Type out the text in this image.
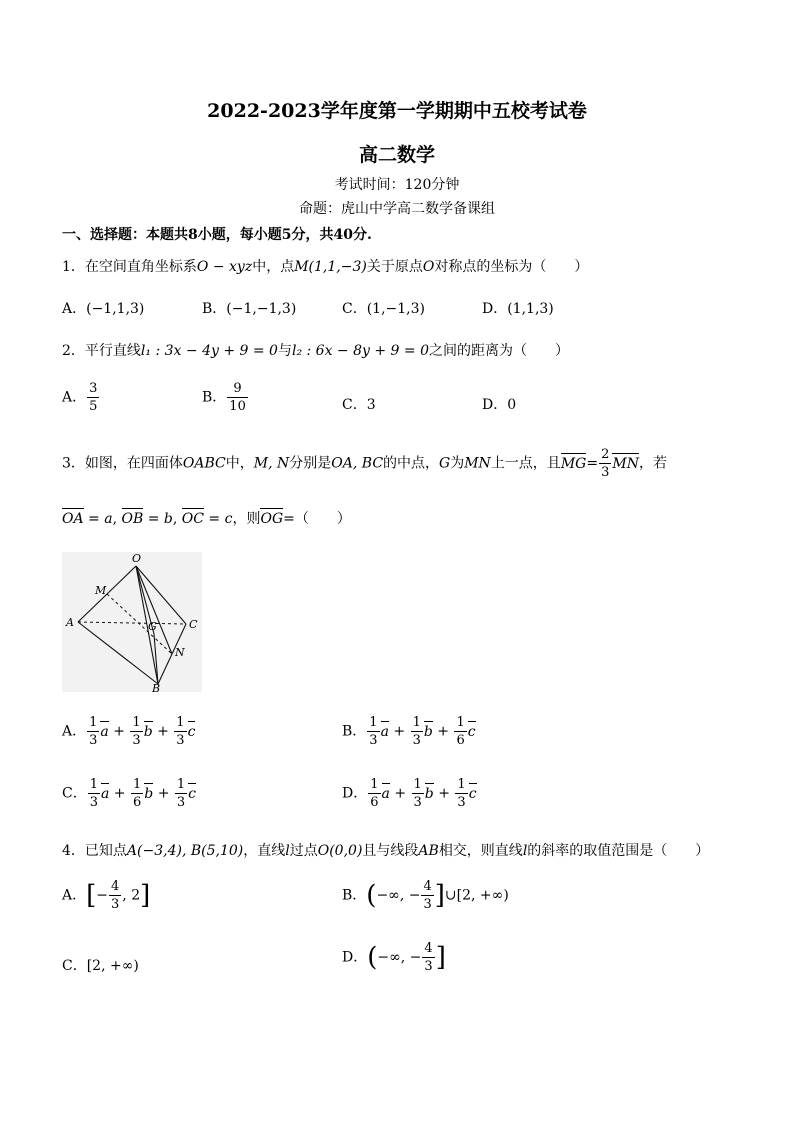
2022-2023学年度第一学期期中五校考试卷
高二数学
考试时间：120分钟
命题：虎山中学高二数学备课组
一、选择题：本题共8小题，每小题5分，共40分.
1．在空间直角坐标系O − xyz中，点M(1,1,−3)关于原点O对称点的坐标为（　　）
A．(−1,1,3)	B．(−1,−1,3)	C．(1,−1,3)	D．(1,1,3)
2．平行直线l₁ : 3x − 4y + 9 = 0与l₂ : 6x − 8y + 9 = 0之间的距离为（　　）
A． $\frac{3}{5}$	B． $\frac{9}{10}$	C．3	D．0
3．如图，在四面体OABC中，M, N分别是OA, BC的中点，G为MN上一点，且$MG= \frac{2}{3}$ MN，若
OA = a, OB = b, OC = c，则OG=（　　）
O
M
A	G	C
N
B
A． $\frac{1}{3}$ $a + \frac{1}{3}$ $b + \frac{1}{3}$ c	B． $\frac{1}{3}$ $a + \frac{1}{3}$ $b + \frac{1}{6}$ c
C． $\frac{1}{3}$ $a + \frac{1}{6}$ $b + \frac{1}{3}$ c	D． $\frac{1}{6}$ $a + \frac{1}{3}$ $b + \frac{1}{3}$ c
4．已知点A(−3,4), B(5,10)，直线l过点O(0,0)且与线段AB相交，则直线l的斜率的取值范围是（　　）
A．[− $\frac{4}{3}$ , 2]	B．(−∞, − $\frac{4}{3}$ ]∪[2, +∞)
C．[2, +∞)
D．(−∞, − $\frac{4}{3}$ ]
